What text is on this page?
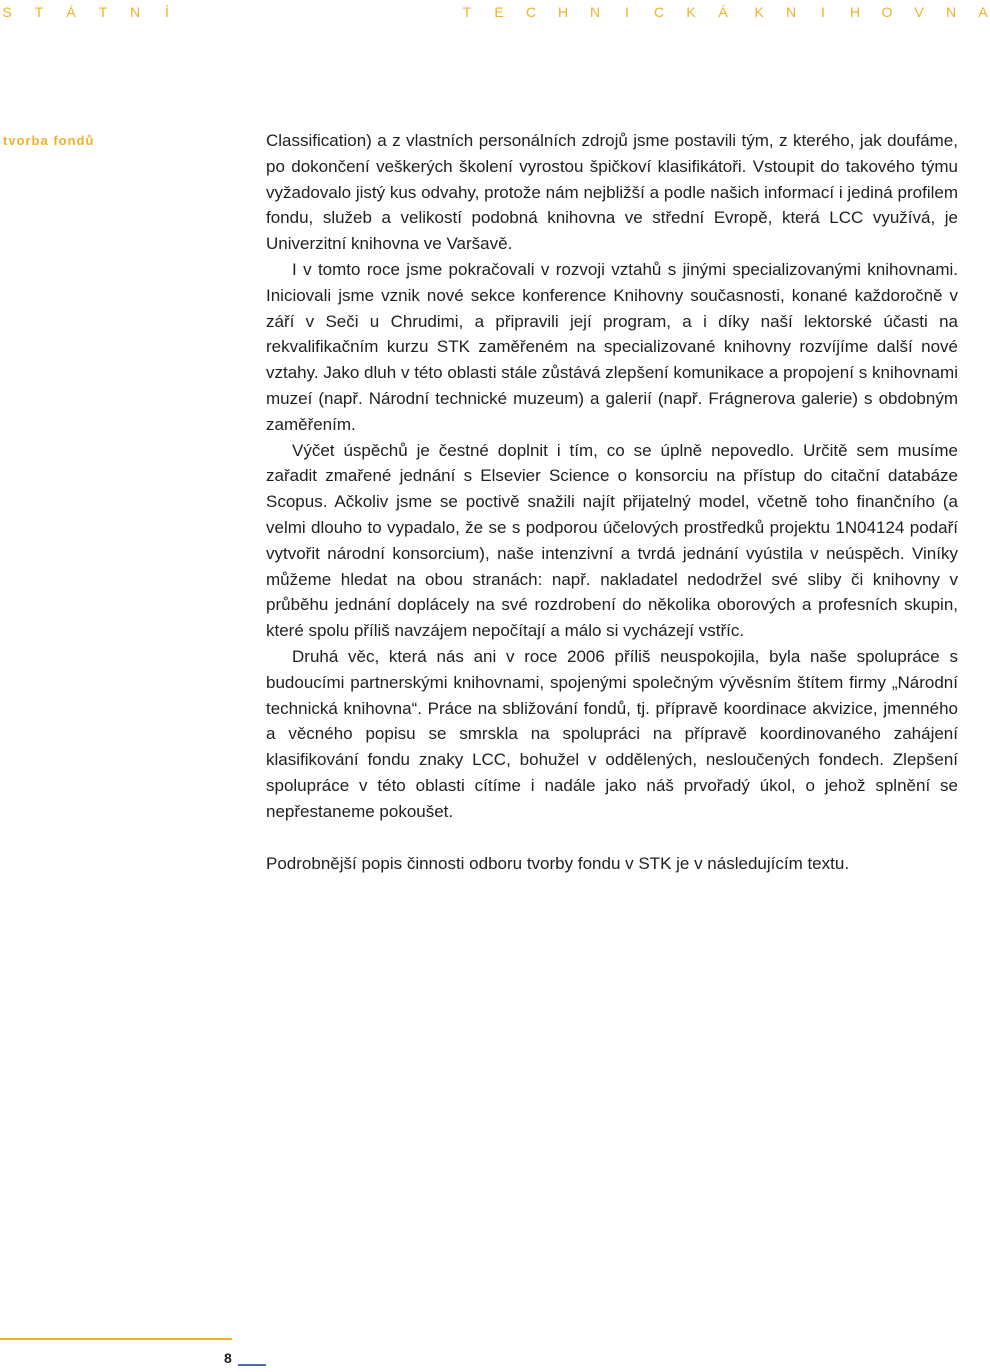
S T Á T N	Í	T E C H N	I	C K Á K N	I	H O V N A
tvorba fondů	Classification) a z vlastních personálních zdrojů jsme postavili tým, z kterého, jak doufáme, po dokončení veškerých školení vyrostou špičkoví klasifikátoři. Vstoupit do takového týmu vyžadovalo jistý kus odvahy, protože nám nejbližší a podle našich informací i jediná profilem fondu, služeb a velikostí podobná knihovna ve střední Evropě, která LCC využívá, je Univerzitní knihovna ve Varšavě.

I v tomto roce jsme pokračovali v rozvoji vztahů s jinými specializovanými knihovnami. Iniciovali jsme vznik nové sekce konference Knihovny současnosti, konané každoročně v září v Seči u Chrudimi, a připravili její program, a i díky naší lektorské účasti na rekvalifikačním kurzu STK zaměřeném na specializované knihovny rozvíjíme další nové vztahy. Jako dluh v této oblasti stále zůstává zlepšení komunikace a propojení s knihovnami muzeí (např. Národní technické muzeum) a galerií (např. Frágnerova galerie) s obdobným zaměřením.

Výčet úspěchů je čestné doplnit i tím, co se úplně nepovedlo. Určitě sem musíme zařadit zmařené jednání s Elsevier Science o konsorciu na přístup do citační databáze Scopus. Ačkoliv jsme se poctivě snažili najít přijatelný model, včetně toho finančního (a velmi dlouho to vypadalo, že se s podporou účelových prostředků projektu 1N04124 podaří vytvořit národní konsorcium), naše intenzivní a tvrdá jednání vyústila v neúspěch. Viníky můžeme hledat na obou stranách: např. nakladatel nedodržel své sliby či knihovny v průběhu jednání doplácely na své rozdrobení do několika oborových a profesních skupin, které spolu příliš navzájem nepočítají a málo si vycházejí vstříc.

Druhá věc, která nás ani v roce 2006 příliš neuspokojila, byla naše spolupráce s budoucími partnerskými knihovnami, spojenými společným vývěsním štítem firmy „Národní technická knihovna“. Práce na sbližování fondů, tj. přípravě koordinace akvizice, jmenného a věcného popisu se smrskla na spolupráci na přípravě koordinovaného zahájení klasifikování fondu znaky LCC, bohužel v oddělených, nesloučených fondech. Zlepšení spolupráce v této oblasti cítíme i nadále jako náš prvořadý úkol, o jehož splnění se nepřestaneme pokoušet.

Podrobnější popis činnosti odboru tvorby fondu v STK je v následujícím textu.

8
